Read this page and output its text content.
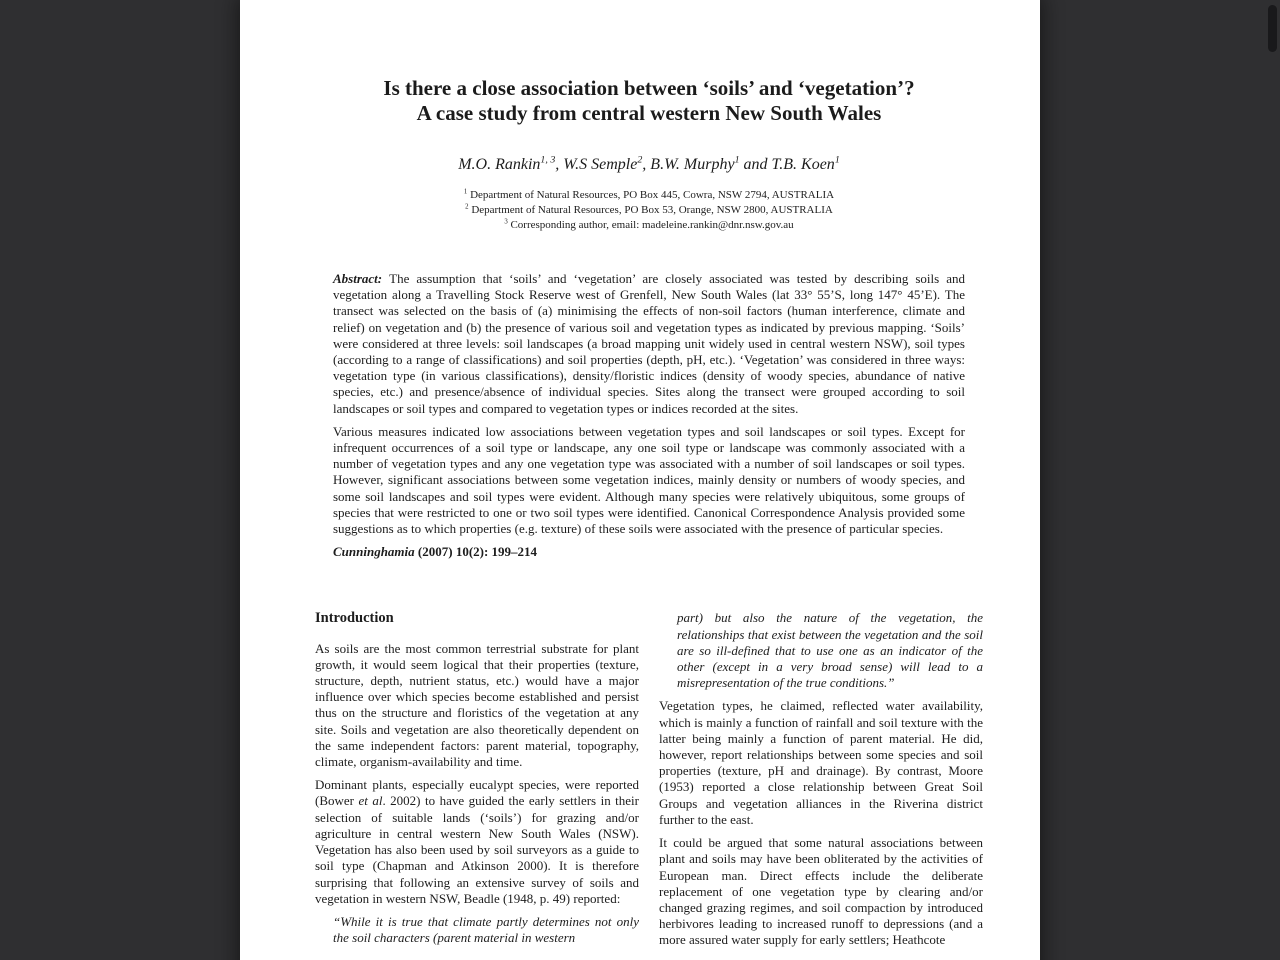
Is there a close association between ‘soils’ and ‘vegetation’?
A case study from central western New South Wales

M.O. Rankin$^{1, 3}$, W.S Semple$^2$, B.W. Murphy$^1$ and T.B. Koen$^1$

$^1$ Department of Natural Resources, PO Box 445, Cowra, NSW 2794, AUSTRALIA

$^2$ Department of Natural Resources, PO Box 53, Orange, NSW 2800, AUSTRALIA

$^3$ Corresponding author, email: madeleine.rankin@dnr.nsw.gov.au

Abstract: The assumption that ‘soils’ and ‘vegetation’ are closely associated was tested by describing soils and vegetation along a Travelling Stock Reserve west of Grenfell, New South Wales (lat 33° 55’S, long 147° 45’E). The transect was selected on the basis of (a) minimising the effects of non-soil factors (human interference, climate and relief) on vegetation and (b) the presence of various soil and vegetation types as indicated by previous mapping. ‘Soils’ were considered at three levels: soil landscapes (a broad mapping unit widely used in central western NSW), soil types (according to a range of classifications) and soil properties (depth, pH, etc.). ‘Vegetation’ was considered in three ways: vegetation type (in various classifications), density/floristic indices (density of woody species, abundance of native species, etc.) and presence/absence of individual species. Sites along the transect were grouped according to soil landscapes or soil types and compared to vegetation types or indices recorded at the sites.

Various measures indicated low associations between vegetation types and soil landscapes or soil types. Except for infrequent occurrences of a soil type or landscape, any one soil type or landscape was commonly associated with a number of vegetation types and any one vegetation type was associated with a number of soil landscapes or soil types. However, significant associations between some vegetation indices, mainly density or numbers of woody species, and some soil landscapes and soil types were evident. Although many species were relatively ubiquitous, some groups of species that were restricted to one or two soil types were identified. Canonical Correspondence Analysis provided some suggestions as to which properties (e.g. texture) of these soils were associated with the presence of particular species.

Cunninghamia (2007) 10(2): 199–214

Introduction

As soils are the most common terrestrial substrate for plant growth, it would seem logical that their properties (texture, structure, depth, nutrient status, etc.) would have a major influence over which species become established and persist thus on the structure and floristics of the vegetation at any site. Soils and vegetation are also theoretically dependent on the same independent factors: parent material, topography, climate, organism-availability and time.

Dominant plants, especially eucalypt species, were reported (Bower et al. 2002) to have guided the early settlers in their selection of suitable lands (‘soils’) for grazing and/or agriculture in central western New South Wales (NSW). Vegetation has also been used by soil surveyors as a guide to soil type (Chapman and Atkinson 2000). It is therefore surprising that following an extensive survey of soils and vegetation in western NSW, Beadle (1948, p. 49) reported:

“While it is true that climate partly determines not only the soil characters (parent material in western

part) but also the nature of the vegetation, the relationships that exist between the vegetation and the soil are so ill-defined that to use one as an indicator of the other (except in a very broad sense) will lead to a misrepresentation of the true conditions.”

Vegetation types, he claimed, reflected water availability, which is mainly a function of rainfall and soil texture with the latter being mainly a function of parent material. He did, however, report relationships between some species and soil properties (texture, pH and drainage). By contrast, Moore (1953) reported a close relationship between Great Soil Groups and vegetation alliances in the Riverina district further to the east.

It could be argued that some natural associations between plant and soils may have been obliterated by the activities of European man. Direct effects include the deliberate replacement of one vegetation type by clearing and/or changed grazing regimes, and soil compaction by introduced herbivores leading to increased runoff to depressions (and a more assured water supply for early settlers; Heathcote
